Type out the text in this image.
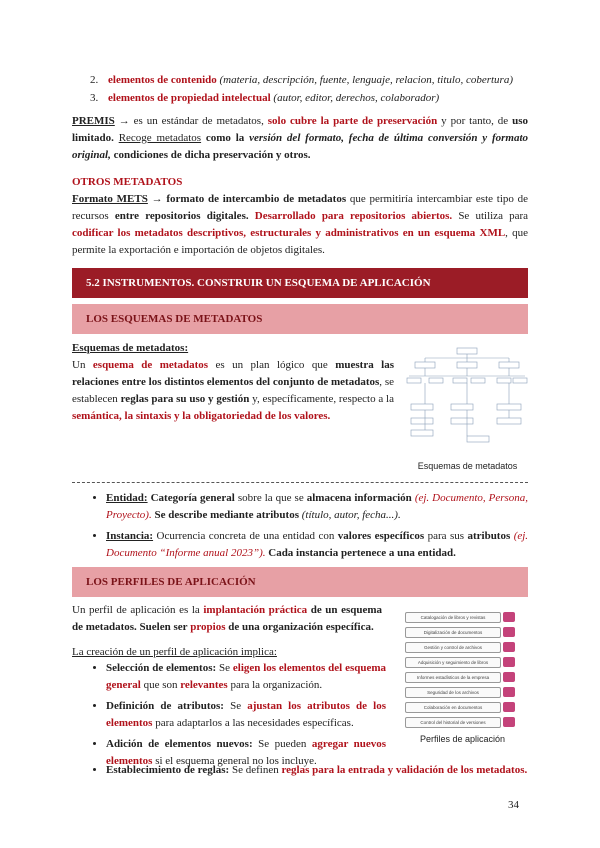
2. elementos de contenido (materia, descripción, fuente, lenguaje, relacion, titulo, cobertura)
3. elementos de propiedad intelectual (autor, editor, derechos, colaborador)
PREMIS → es un estándar de metadatos, solo cubre la parte de preservación y por tanto, de uso limitado. Recoge metadatos como la versión del formato, fecha de última conversión y formato original, condiciones de dicha preservación y otros.
OTROS METADATOS
Formato METS → formato de intercambio de metadatos que permitiría intercambiar este tipo de recursos entre repositorios digitales. Desarrollado para repositorios abiertos. Se utiliza para codificar los metadatos descriptivos, estructurales y administrativos en un esquema XML, que permite la exportación e importación de objetos digitales.
5.2 INSTRUMENTOS. CONSTRUIR UN ESQUEMA DE APLICACIÓN
LOS ESQUEMAS DE METADATOS
Esquemas de metadatos:
Un esquema de metadatos es un plan lógico que muestra las relaciones entre los distintos elementos del conjunto de metadatos, se establecen reglas para su uso y gestión y, específicamente, respecto a la semántica, la sintaxis y la obligatoriedad de los valores.
Esquemas de metadatos
• Entidad: Categoría general sobre la que se almacena información (ej. Documento, Persona, Proyecto). Se describe mediante atributos (título, autor, fecha...).
• Instancia: Ocurrencia concreta de una entidad con valores específicos para sus atributos (ej. Documento “Informe anual 2023”). Cada instancia pertenece a una entidad.
LOS PERFILES DE APLICACIÓN
Un perfil de aplicación es la implantación práctica de un esquema de metadatos. Suelen ser propios de una organización específica.
La creación de un perfil de aplicación implica:
Catalogación de libros y revistas
Digitalización de documentos
Gestión y control de archivos
Adquisición y seguimiento de libros
Informes estadísticos de la empresa
Seguridad de los archivos
Colaboración en documentos
Control del historial de versiones
Perfiles de aplicación
• Selección de elementos: Se eligen los elementos del esquema general que son relevantes para la organización.
• Definición de atributos: Se ajustan los atributos de los elementos para adaptarlos a las necesidades específicas.
• Adición de elementos nuevos: Se pueden agregar nuevos elementos si el esquema general no los incluye.
• Establecimiento de reglas: Se definen reglas para la entrada y validación de los metadatos.
34
